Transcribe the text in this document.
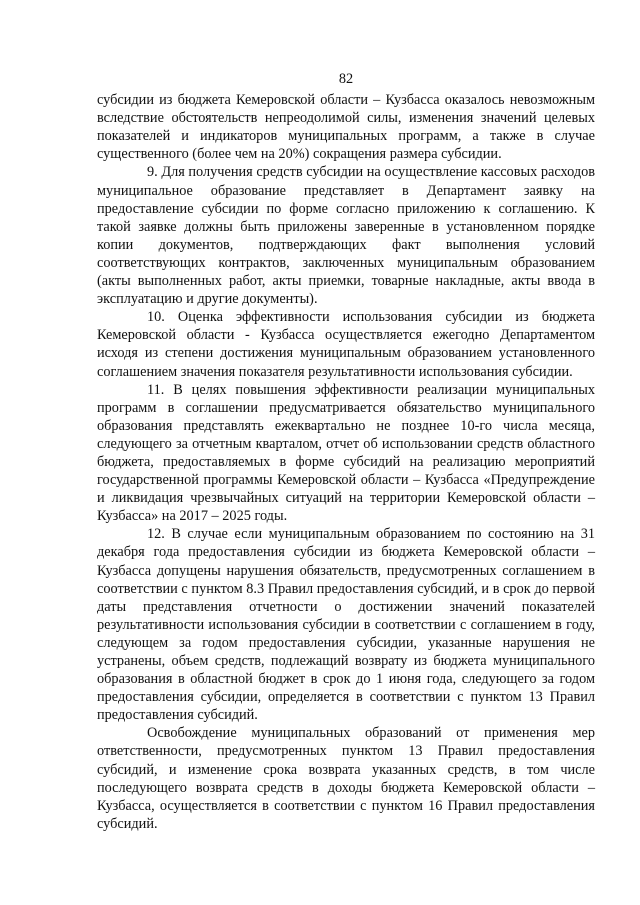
82

субсидии из бюджета Кемеровской области – Кузбасса оказалось невозможным вследствие обстоятельств непреодолимой силы, изменения значений целевых показателей и индикаторов муниципальных программ, а также в случае существенного (более чем на 20%) сокращения размера субсидии.

9. Для получения средств субсидии на осуществление кассовых расходов муниципальное образование представляет в Департамент заявку на предоставление субсидии по форме согласно приложению к соглашению. К такой заявке должны быть приложены заверенные в установленном порядке копии документов, подтверждающих факт выполнения условий соответствующих контрактов, заключенных муниципальным образованием (акты выполненных работ, акты приемки, товарные накладные, акты ввода в эксплуатацию и другие документы).

10. Оценка эффективности использования субсидии из бюджета Кемеровской области - Кузбасса осуществляется ежегодно Департаментом исходя из степени достижения муниципальным образованием установленного соглашением значения показателя результативности использования субсидии.

11. В целях повышения эффективности реализации муниципальных программ в соглашении предусматривается обязательство муниципального образования представлять ежеквартально не позднее 10-го числа месяца, следующего за отчетным кварталом, отчет об использовании средств областного бюджета, предоставляемых в форме субсидий на реализацию мероприятий государственной программы Кемеровской области – Кузбасса «Предупреждение и ликвидация чрезвычайных ситуаций на территории Кемеровской области – Кузбасса» на 2017 – 2025 годы.

12. В случае если муниципальным образованием по состоянию на 31 декабря года предоставления субсидии из бюджета Кемеровской области – Кузбасса допущены нарушения обязательств, предусмотренных соглашением в соответствии с пунктом 8.3 Правил предоставления субсидий, и в срок до первой даты представления отчетности о достижении значений показателей результативности использования субсидии в соответствии с соглашением в году, следующем за годом предоставления субсидии, указанные нарушения не устранены, объем средств, подлежащий возврату из бюджета муниципального образования в областной бюджет в срок до 1 июня года, следующего за годом предоставления субсидии, определяется в соответствии с пунктом 13 Правил предоставления субсидий.

Освобождение муниципальных образований от применения мер ответственности, предусмотренных пунктом 13 Правил предоставления субсидий, и изменение срока возврата указанных средств, в том числе последующего возврата средств в доходы бюджета Кемеровской области – Кузбасса, осуществляется в соответствии с пунктом 16 Правил предоставления субсидий.
